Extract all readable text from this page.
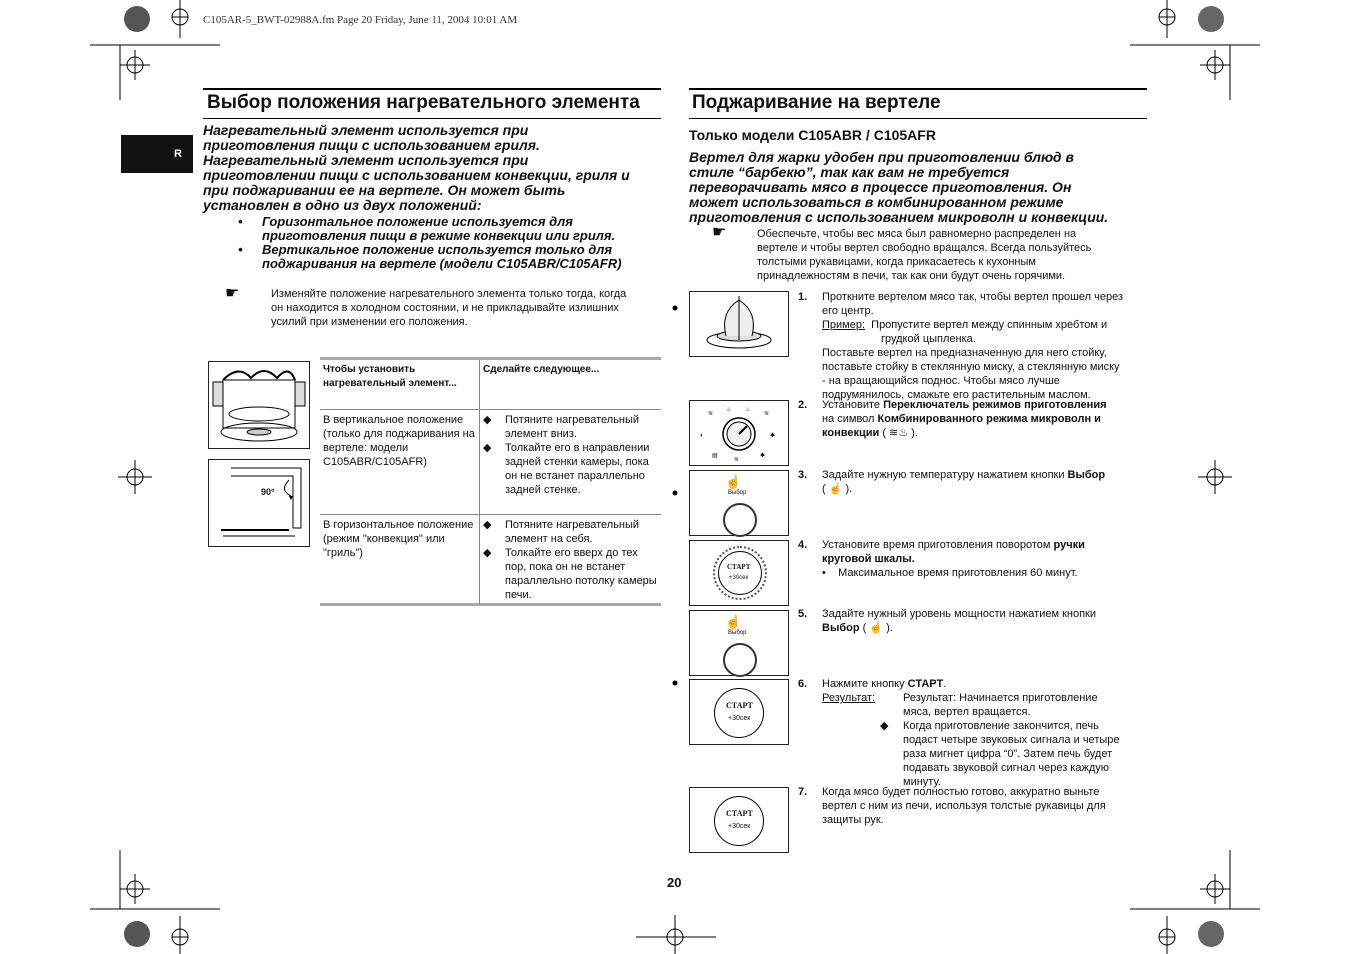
C105AR-5_BWT-02988A.fm Page 20 Friday, June 11, 2004 10:01 AM
R
Выбор положения нагревательного элемента
Нагревательный элемент используется при
приготовления пищи с использованием гриля.
Нагревательный элемент используется при
приготовлении пищи с использованием конвекции, гриля и
при поджаривании ее на вертеле. Он может быть
установлен в одно из двух положений:
• Горизонтальное положение используется для
приготовления пищи в режиме конвекции или гриля.
• Вертикальное положение используется только для
поджаривания на вертеле (модели C105ABR/C105AFR)
☛	Изменяйте положение нагревательного элемента только тогда, когда
он находится в холодном состоянии, и не прикладывайте излишних
усилий при изменении его положения.
90°
Чтобы установить нагревательный элемент...	Сделайте следующее...
В вертикальное положение (только для поджаривания на вертеле: модели C105ABR/C105AFR)	◆ Потяните нагревательный элемент вниз.
◆ Толкайте его в направлении задней стенки камеры, пока он не встанет параллельно задней стенке.

В горизонтальное положение (режим "конвекция" или "гриль")	◆ Потяните нагревательный элемент на себя.
◆ Толкайте его вверх до тех пор, пока он не встанет параллельно потолку камеры печи.
Поджаривание на вертеле
Только модели C105ABR / C105AFR
Вертел для жарки удобен при приготовлении блюд в
стиле “барбекю”, так как вам не требуется
переворачивать мясо в процессе приготовления. Он
может использоваться в комбинированном режиме
приготовления с использованием микроволн и конвекции.
☛	Обеспечьте, чтобы вес мяса был равномерно распределен на
вертеле и чтобы вертел свободно вращался. Всегда пользуйтесь
толстыми рукавицами, когда прикасаетесь к кухонным
принадлежностям в печи, так как они будут очень горячими.
≋
♨ ♨
≋
◐	✱
▤
≋
✱
☝
Выбор
СТАРТ
+30сек
☝
Выбор
СТАРТ
+30сек
СТАРТ
+30сек
1. Проткните вертелом мясо так, чтобы вертел прошел через
его центр.
Пример: Пропустите вертел между спинным хребтом и
грудкой цыпленка.
Поставьте вертел на предназначенную для него стойку,
поставьте стойку в стеклянную миску, а стеклянную миску
- на вращающийся поднос. Чтобы мясо лучше
подрумянилось, смажьте его растительным маслом.
2. Установите Переключатель режимов приготовления
на символ Комбинированного режима микроволн и
конвекции ( ≋♨ ).
3. Задайте нужную температуру нажатием кнопки Выбор
( ☝ ).
4. Установите время приготовления поворотом ручки
круговой шкалы.
•    Максимальное время приготовления 60 минут.
5. Задайте нужный уровень мощности нажатием кнопки
Выбор ( ☝ ).
6. Нажмите кнопку СТАРТ.
Результат:	Результат: Начинается приготовление
мяса, вертел вращается.
◆ Когда приготовление закончится, печь
подаст четыре звуковых сигнала и четыре
раза мигнет цифра “0”. Затем печь будет
подавать звуковой сигнал через каждую
минуту.
7. Когда мясо будет полностью готово, аккуратно выньте
вертел с ним из печи, используя толстые рукавицы для
защиты рук.
20
